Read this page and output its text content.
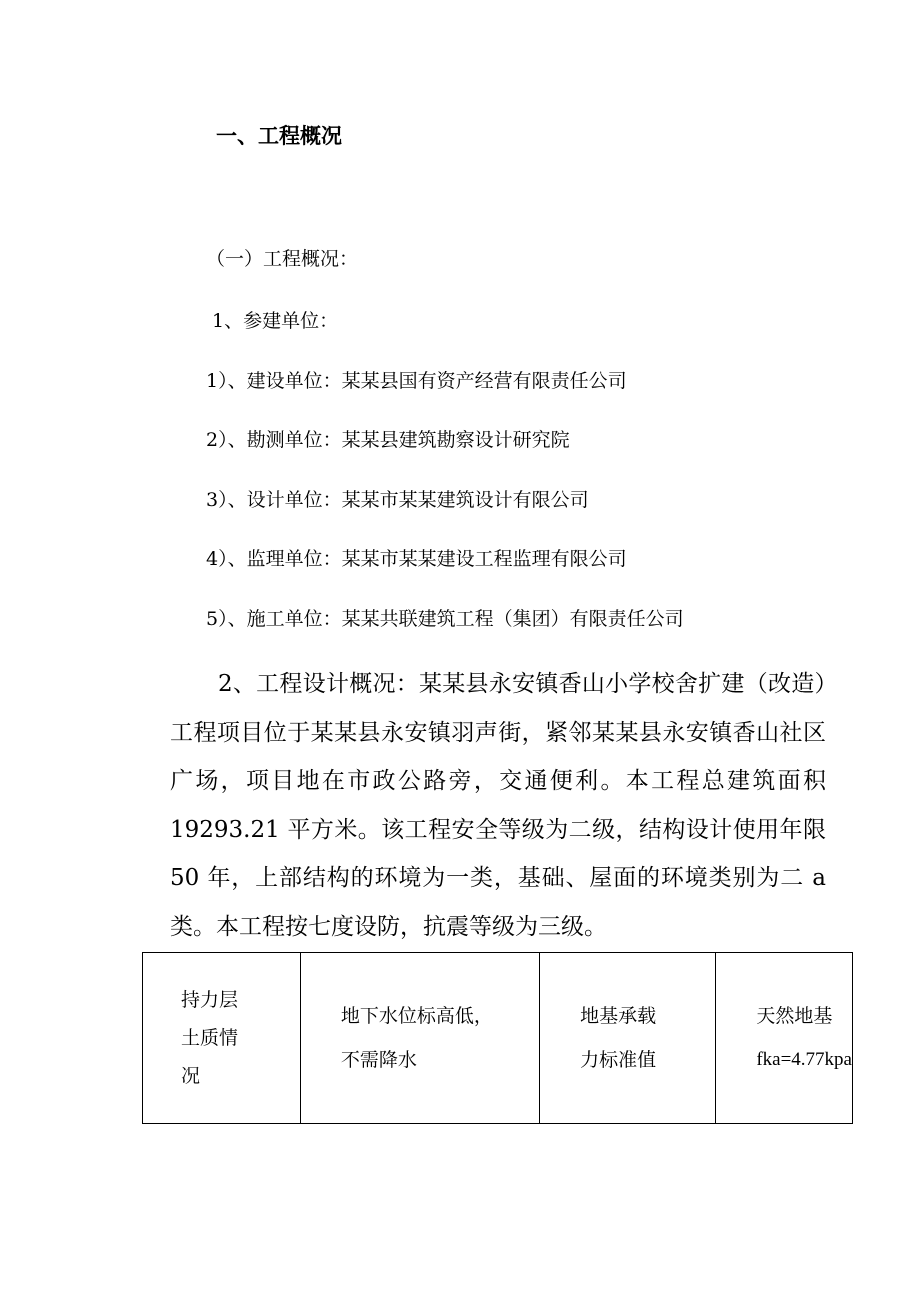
一、工程概况
（一）工程概况：
1、参建单位：
1）、建设单位：某某县国有资产经营有限责任公司
2）、勘测单位：某某县建筑勘察设计研究院
3）、设计单位：某某市某某建筑设计有限公司
4）、监理单位：某某市某某建设工程监理有限公司
5）、施工单位：某某共联建筑工程（集团）有限责任公司
2、工程设计概况：某某县永安镇香山小学校舍扩建（改造）工程项目位于某某县永安镇羽声街，紧邻某某县永安镇香山社区广场，项目地在市政公路旁，交通便利。本工程总建筑面积 19293.21 平方米。该工程安全等级为二级，结构设计使用年限 50 年，上部结构的环境为一类，基础、屋面的环境类别为二 a 类。本工程按七度设防，抗震等级为三级。
持力层
土质情
况

地下水位标高低，
不需降水

地基承载
力标准值

天然地基
fka=4.77kpa
